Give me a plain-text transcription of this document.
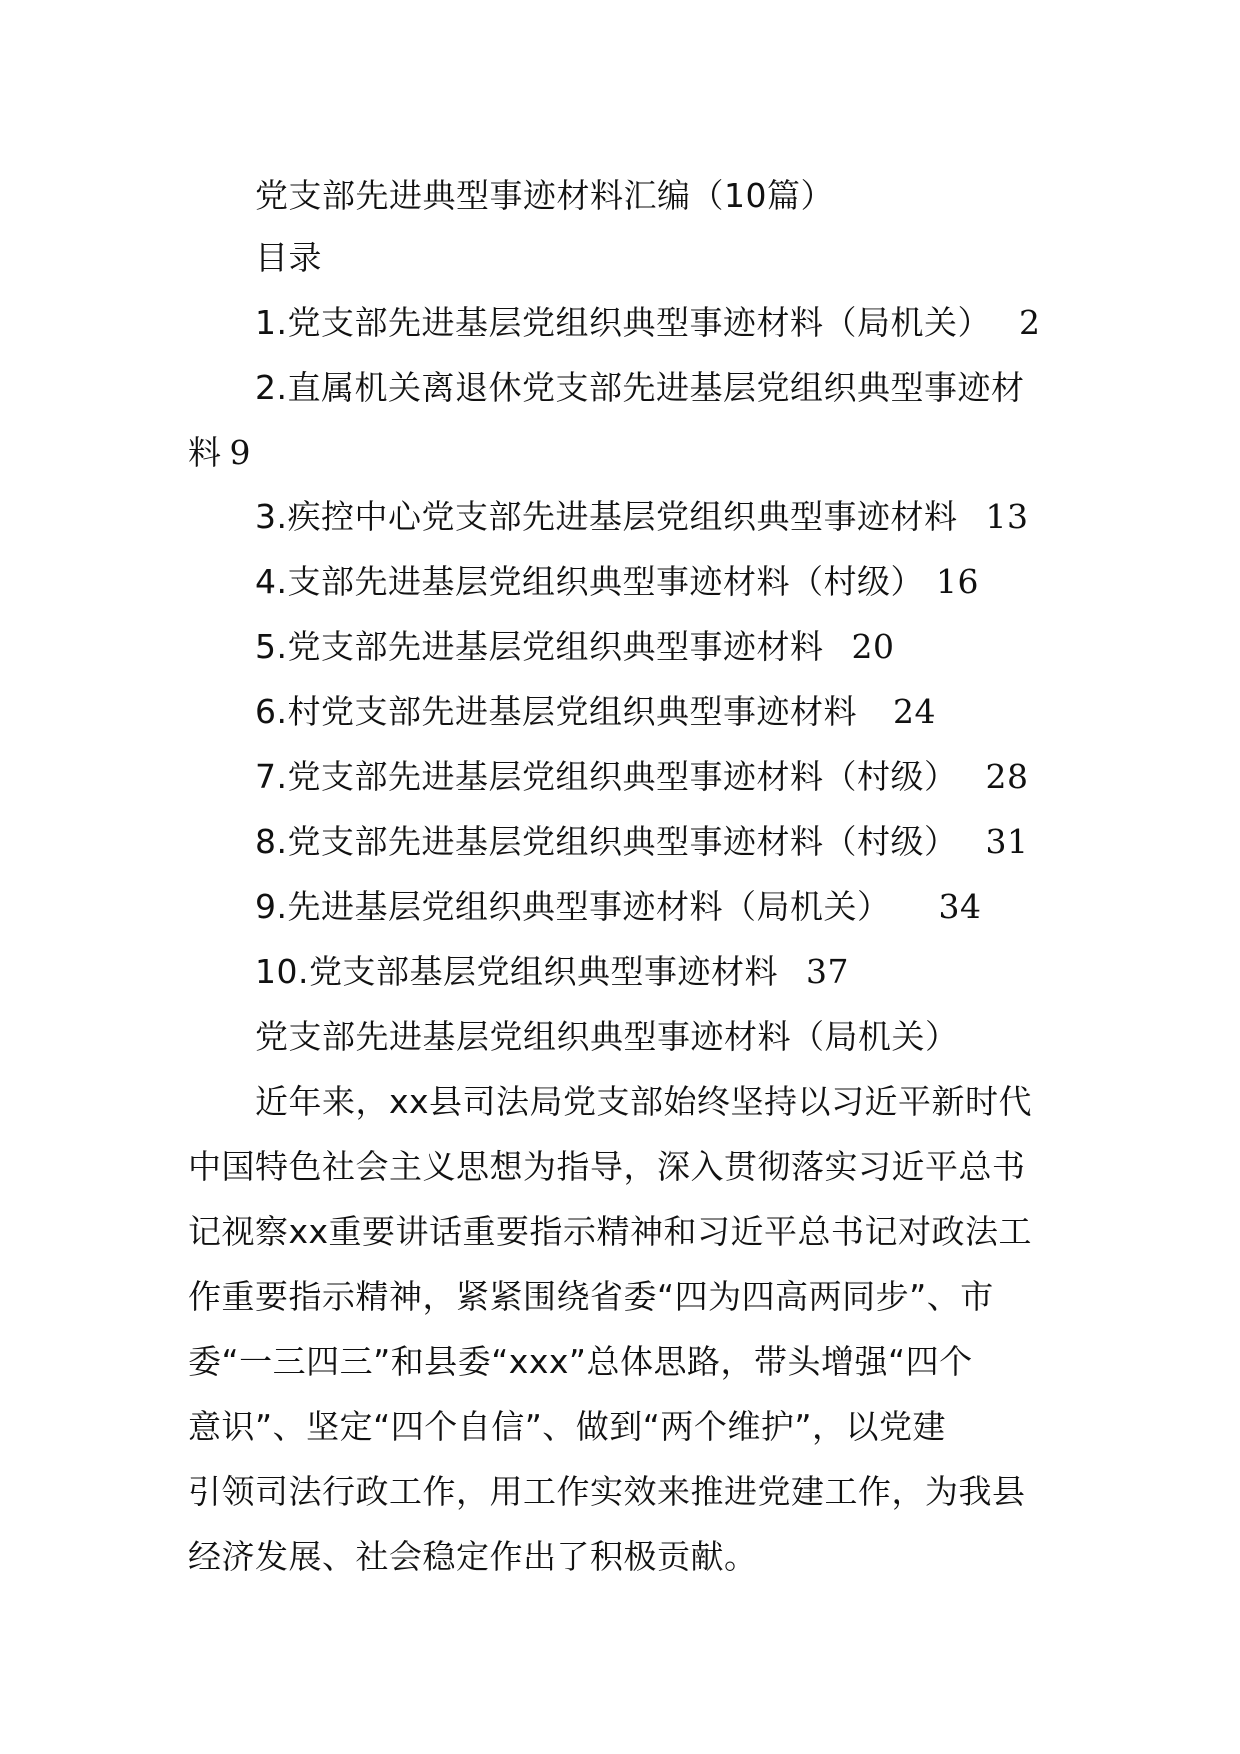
党支部先进典型事迹材料汇编（10篇）
目录
1.党支部先进基层党组织典型事迹材料（局机关） 2
2.直属机关离退休党支部先进基层党组织典型事迹材
料 9
3.疾控中心党支部先进基层党组织典型事迹材料 13
4.支部先进基层党组织典型事迹材料（村级） 16
5.党支部先进基层党组织典型事迹材料 20
6.村党支部先进基层党组织典型事迹材料 24
7.党支部先进基层党组织典型事迹材料（村级） 28
8.党支部先进基层党组织典型事迹材料（村级） 31
9.先进基层党组织典型事迹材料（局机关） 34
10.党支部基层党组织典型事迹材料 37
党支部先进基层党组织典型事迹材料（局机关）
近年来，xx县司法局党支部始终坚持以习近平新时代
中国特色社会主义思想为指导，深入贯彻落实习近平总书
记视察xx重要讲话重要指示精神和习近平总书记对政法工
作重要指示精神，紧紧围绕省委“四为四高两同步”、市
委“一三四三”和县委“xxx”总体思路，带头增强“四个
意识”、坚定“四个自信”、做到“两个维护”，以党建
引领司法行政工作，用工作实效来推进党建工作，为我县
经济发展、社会稳定作出了积极贡献。
